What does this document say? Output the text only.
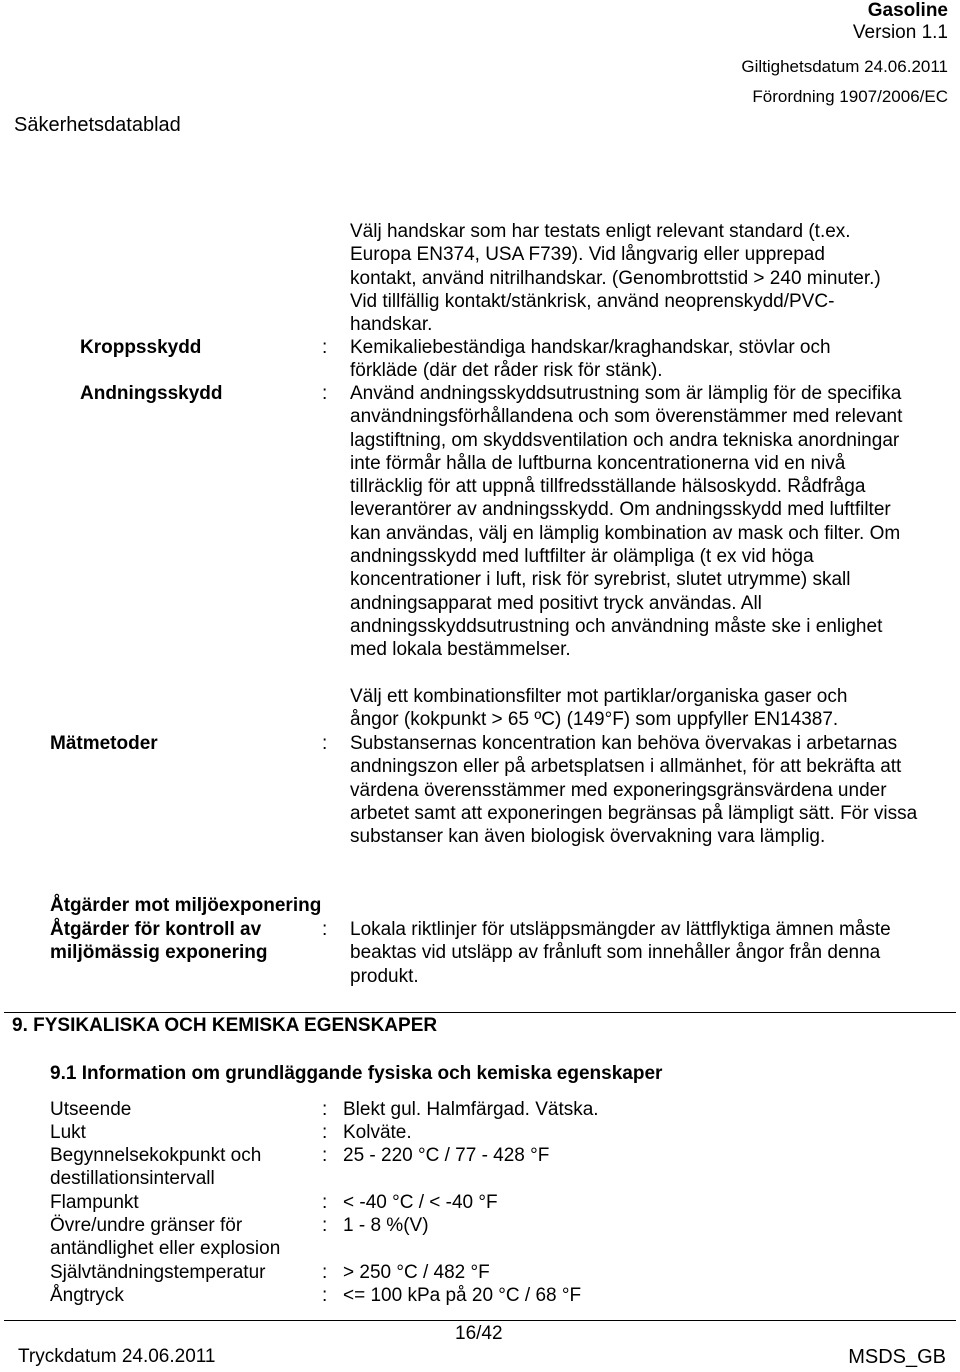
Gasoline
Version 1.1
Giltighetsdatum 24.06.2011
Förordning 1907/2006/EC
Säkerhetsdatablad
Välj handskar som har testats enligt relevant standard (t.ex. Europa EN374, USA F739). Vid långvarig eller upprepad kontakt, använd nitrilhandskar. (Genombrottstid > 240 minuter.) Vid tillfällig kontakt/stänkrisk, använd neoprenskydd/PVC-handskar.
Kroppsskydd	: Kemikaliebeständiga handskar/kraghandskar, stövlar och förkläde (där det råder risk för stänk).
Andningsskydd	: Använd andningsskyddsutrustning som är lämplig för de specifika användningsförhållandena och som överenstämmer med relevant lagstiftning, om skyddsventilation och andra tekniska anordningar inte förmår hålla de luftburna koncentrationerna vid en nivå tillräcklig för att uppnå tillfredsställande hälsoskydd. Rådfråga leverantörer av andningsskydd. Om andningsskydd med luftfilter kan användas, välj en lämplig kombination av mask och filter. Om andningsskydd med luftfilter är olämpliga (t ex vid höga koncentrationer i luft, risk för syrebrist, slutet utrymme) skall andningsapparat med positivt tryck användas. All andningsskyddsutrustning och användning måste ske i enlighet med lokala bestämmelser.
Välj ett kombinationsfilter mot partiklar/organiska gaser och ångor (kokpunkt > 65 ºC) (149°F) som uppfyller EN14387.
Mätmetoder	: Substansernas koncentration kan behöva övervakas i arbetarnas andningszon eller på arbetsplatsen i allmänhet, för att bekräfta att värdena överensstämmer med exponeringsgränsvärdena under arbetet samt att exponeringen begränsas på lämpligt sätt. För vissa substanser kan även biologisk övervakning vara lämplig.
Åtgärder mot miljöexponering
Åtgärder för kontroll av miljömässig exponering
: Lokala riktlinjer för utsläppsmängder av lättflyktiga ämnen måste beaktas vid utsläpp av frånluft som innehåller ångor från denna produkt.
9. FYSIKALISKA OCH KEMISKA EGENSKAPER
9.1 Information om grundläggande fysiska och kemiska egenskaper
Utseende	: Blekt gul. Halmfärgad. Vätska.
Lukt	: Kolväte.
Begynnelsekokpunkt och destillationsintervall
: 25 - 220 °C / 77 - 428 °F
Flampunkt	: < -40 °C / < -40 °F
Övre/undre gränser för antändlighet eller explosion
: 1 - 8 %(V)
Självtändningstemperatur	: > 250 °C / 482 °F
Ångtryck	: <= 100 kPa på 20 °C / 68 °F
16/42
Tryckdatum 24.06.2011	MSDS_GB
